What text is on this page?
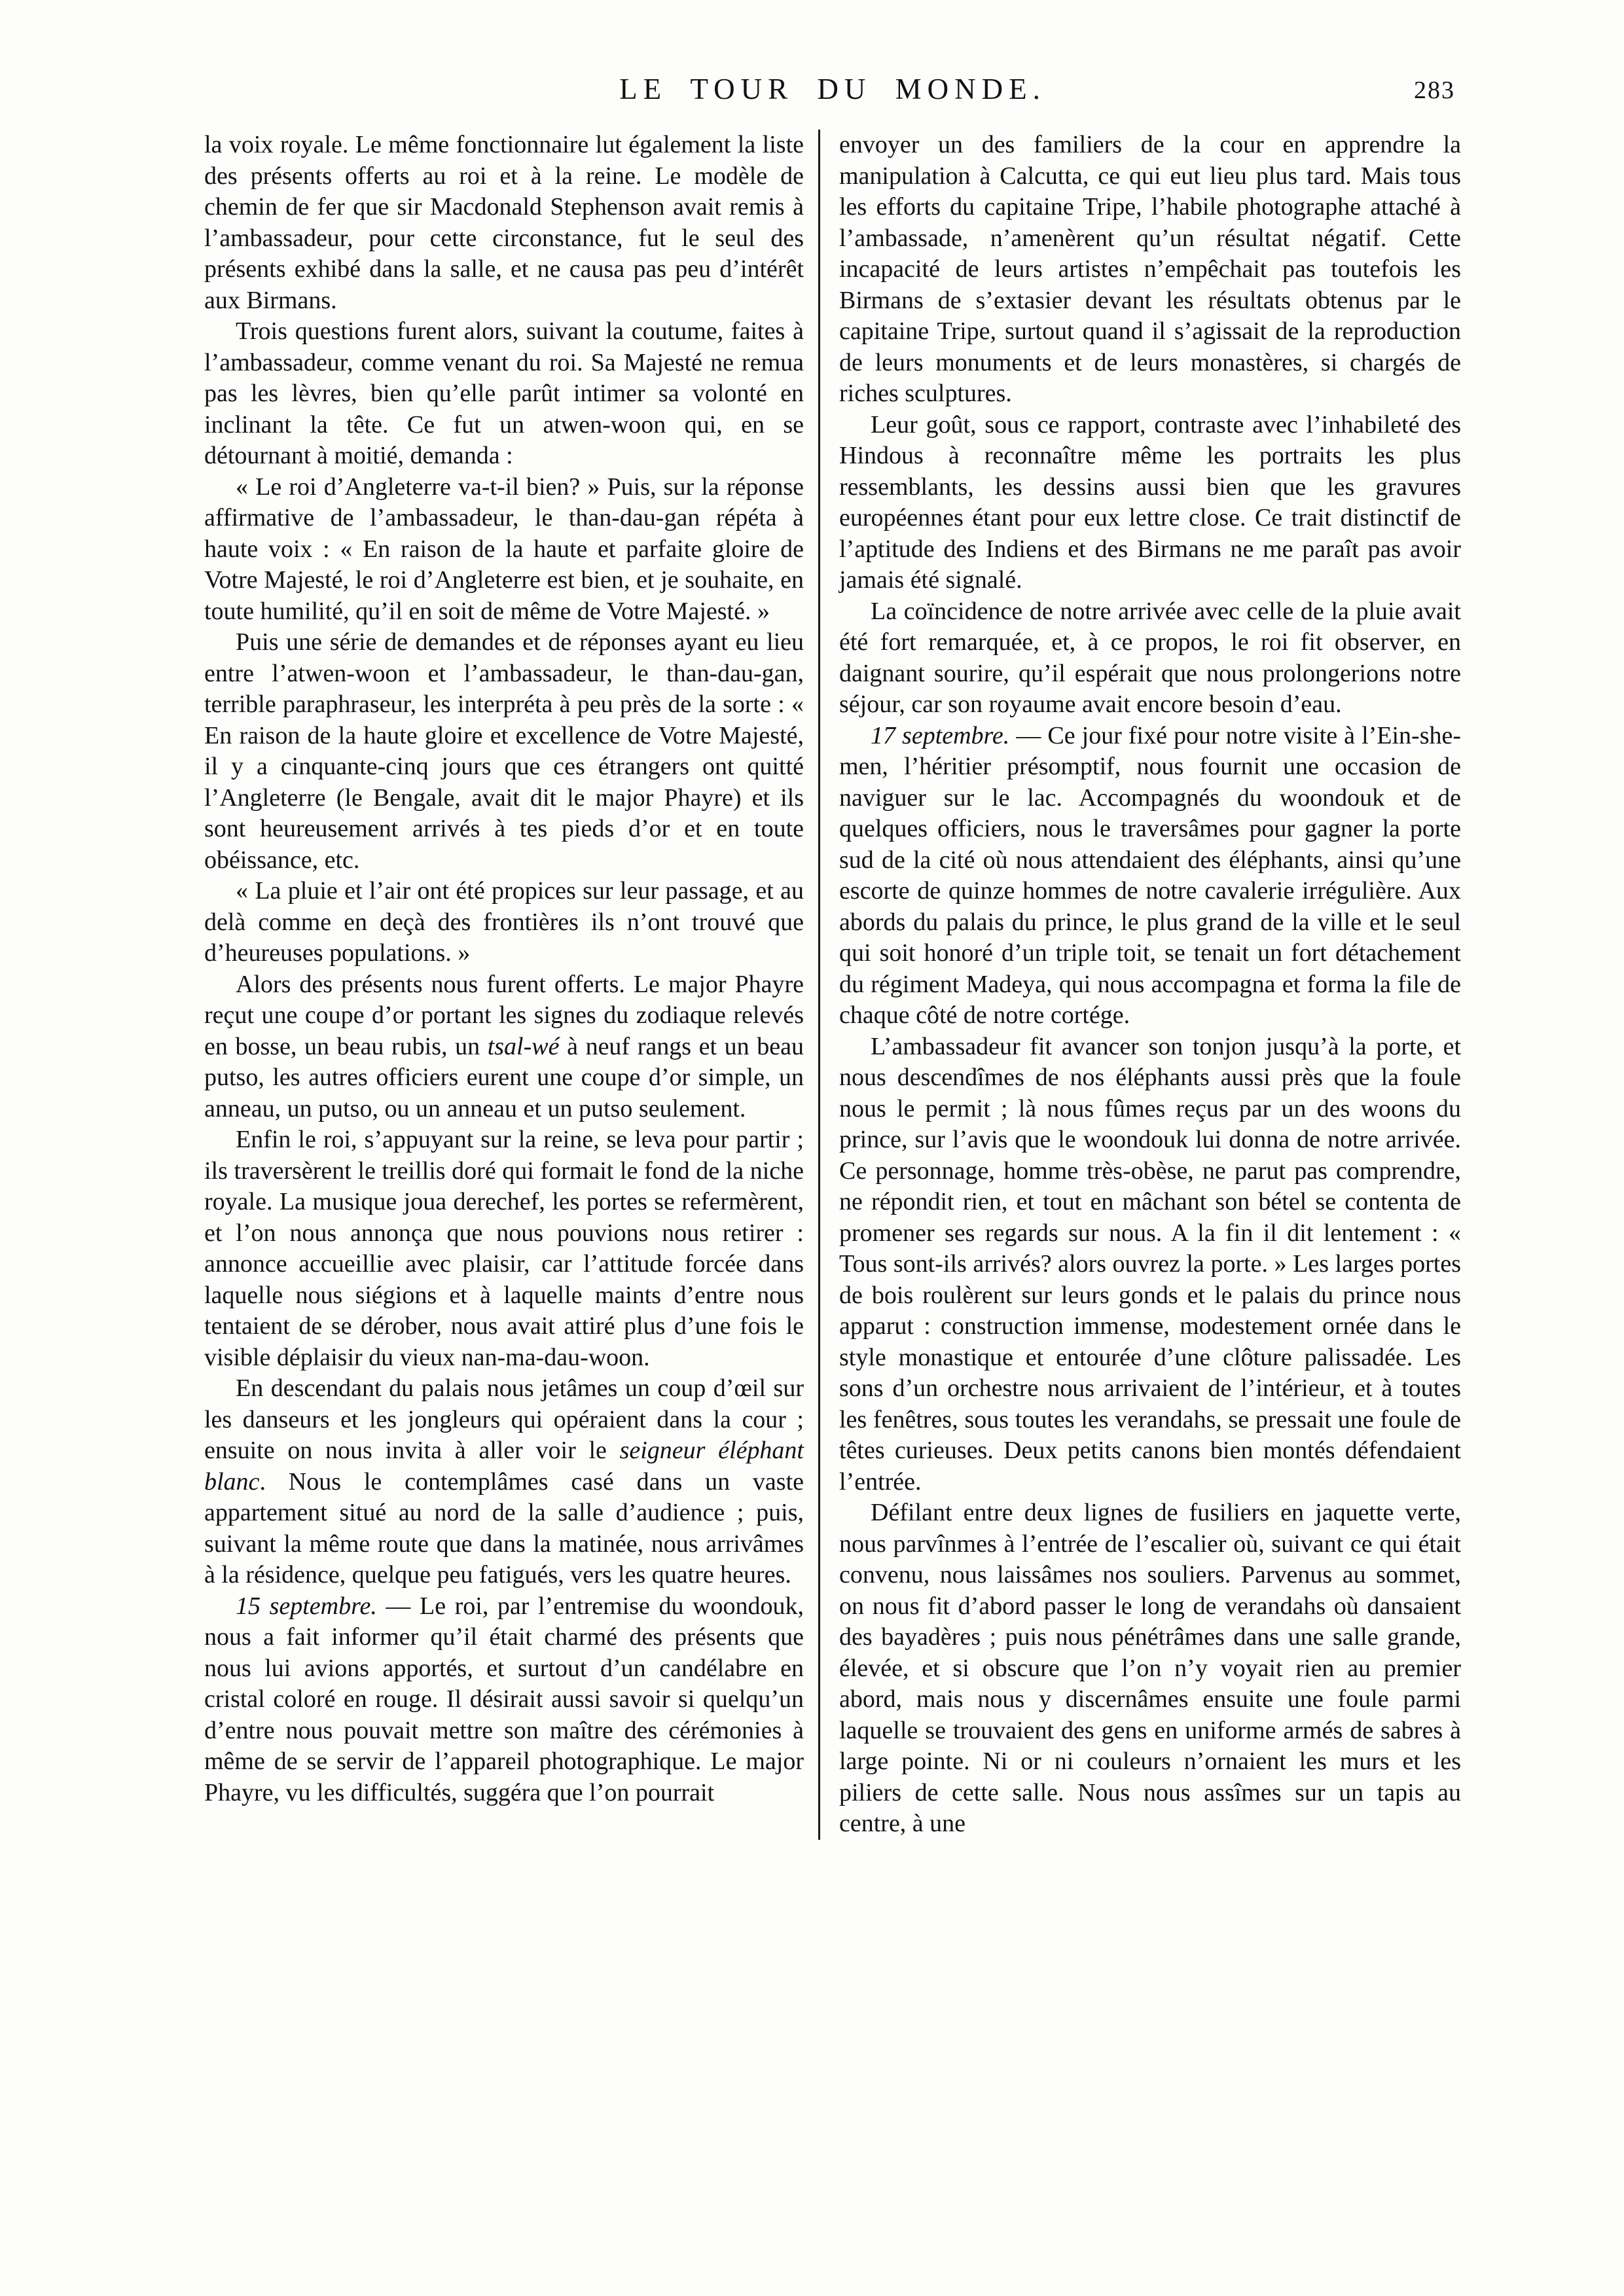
LE TOUR DU MONDE.	283

la voix royale. Le même fonctionnaire lut également la liste des présents offerts au roi et à la reine. Le modèle de chemin de fer que sir Macdonald Stephenson avait remis à l’ambassadeur, pour cette circonstance, fut le seul des présents exhibé dans la salle, et ne causa pas peu d’intérêt aux Birmans.

Trois questions furent alors, suivant la coutume, faites à l’ambassadeur, comme venant du roi. Sa Majesté ne remua pas les lèvres, bien qu’elle parût intimer sa volonté en inclinant la tête. Ce fut un atwen-woon qui, en se détournant à moitié, demanda :

« Le roi d’Angleterre va-t-il bien? » Puis, sur la réponse affirmative de l’ambassadeur, le than-dau-gan répéta à haute voix : « En raison de la haute et parfaite gloire de Votre Majesté, le roi d’Angleterre est bien, et je souhaite, en toute humilité, qu’il en soit de même de Votre Majesté. »

Puis une série de demandes et de réponses ayant eu lieu entre l’atwen-woon et l’ambassadeur, le than-dau-gan, terrible paraphraseur, les interpréta à peu près de la sorte : « En raison de la haute gloire et excellence de Votre Majesté, il y a cinquante-cinq jours que ces étrangers ont quitté l’Angleterre (le Bengale, avait dit le major Phayre) et ils sont heureusement arrivés à tes pieds d’or et en toute obéissance, etc.

« La pluie et l’air ont été propices sur leur passage, et au delà comme en deçà des frontières ils n’ont trouvé que d’heureuses populations. »

Alors des présents nous furent offerts. Le major Phayre reçut une coupe d’or portant les signes du zodiaque relevés en bosse, un beau rubis, un tsal-wé à neuf rangs et un beau putso, les autres officiers eurent une coupe d’or simple, un anneau, un putso, ou un anneau et un putso seulement.

Enfin le roi, s’appuyant sur la reine, se leva pour partir ; ils traversèrent le treillis doré qui formait le fond de la niche royale. La musique joua derechef, les portes se refermèrent, et l’on nous annonça que nous pouvions nous retirer : annonce accueillie avec plaisir, car l’attitude forcée dans laquelle nous siégions et à laquelle maints d’entre nous tentaient de se dérober, nous avait attiré plus d’une fois le visible déplaisir du vieux nan-ma-dau-woon.

En descendant du palais nous jetâmes un coup d’œil sur les danseurs et les jongleurs qui opéraient dans la cour ; ensuite on nous invita à aller voir le seigneur éléphant blanc. Nous le contemplâmes casé dans un vaste appartement situé au nord de la salle d’audience ; puis, suivant la même route que dans la matinée, nous arrivâmes à la résidence, quelque peu fatigués, vers les quatre heures.

15 septembre. — Le roi, par l’entremise du woondouk, nous a fait informer qu’il était charmé des présents que nous lui avions apportés, et surtout d’un candélabre en cristal coloré en rouge. Il désirait aussi savoir si quelqu’un d’entre nous pouvait mettre son maître des cérémonies à même de se servir de l’appareil photographique. Le major Phayre, vu les difficultés, suggéra que l’on pourrait

envoyer un des familiers de la cour en apprendre la manipulation à Calcutta, ce qui eut lieu plus tard. Mais tous les efforts du capitaine Tripe, l’habile photographe attaché à l’ambassade, n’amenèrent qu’un résultat négatif. Cette incapacité de leurs artistes n’empêchait pas toutefois les Birmans de s’extasier devant les résultats obtenus par le capitaine Tripe, surtout quand il s’agissait de la reproduction de leurs monuments et de leurs monastères, si chargés de riches sculptures.

Leur goût, sous ce rapport, contraste avec l’inhabileté des Hindous à reconnaître même les portraits les plus ressemblants, les dessins aussi bien que les gravures européennes étant pour eux lettre close. Ce trait distinctif de l’aptitude des Indiens et des Birmans ne me paraît pas avoir jamais été signalé.

La coïncidence de notre arrivée avec celle de la pluie avait été fort remarquée, et, à ce propos, le roi fit observer, en daignant sourire, qu’il espérait que nous prolongerions notre séjour, car son royaume avait encore besoin d’eau.

17 septembre. — Ce jour fixé pour notre visite à l’Ein-she-men, l’héritier présomptif, nous fournit une occasion de naviguer sur le lac. Accompagnés du woondouk et de quelques officiers, nous le traversâmes pour gagner la porte sud de la cité où nous attendaient des éléphants, ainsi qu’une escorte de quinze hommes de notre cavalerie irrégulière. Aux abords du palais du prince, le plus grand de la ville et le seul qui soit honoré d’un triple toit, se tenait un fort détachement du régiment Madeya, qui nous accompagna et forma la file de chaque côté de notre cortége.

L’ambassadeur fit avancer son tonjon jusqu’à la porte, et nous descendîmes de nos éléphants aussi près que la foule nous le permit ; là nous fûmes reçus par un des woons du prince, sur l’avis que le woondouk lui donna de notre arrivée. Ce personnage, homme très-obèse, ne parut pas comprendre, ne répondit rien, et tout en mâchant son bétel se contenta de promener ses regards sur nous. A la fin il dit lentement : « Tous sont-ils arrivés? alors ouvrez la porte. » Les larges portes de bois roulèrent sur leurs gonds et le palais du prince nous apparut : construction immense, modestement ornée dans le style monastique et entourée d’une clôture palissadée. Les sons d’un orchestre nous arrivaient de l’intérieur, et à toutes les fenêtres, sous toutes les verandahs, se pressait une foule de têtes curieuses. Deux petits canons bien montés défendaient l’entrée.

Défilant entre deux lignes de fusiliers en jaquette verte, nous parvînmes à l’entrée de l’escalier où, suivant ce qui était convenu, nous laissâmes nos souliers. Parvenus au sommet, on nous fit d’abord passer le long de verandahs où dansaient des bayadères ; puis nous pénétrâmes dans une salle grande, élevée, et si obscure que l’on n’y voyait rien au premier abord, mais nous y discernâmes ensuite une foule parmi laquelle se trouvaient des gens en uniforme armés de sabres à large pointe. Ni or ni couleurs n’ornaient les murs et les piliers de cette salle. Nous nous assîmes sur un tapis au centre, à une
